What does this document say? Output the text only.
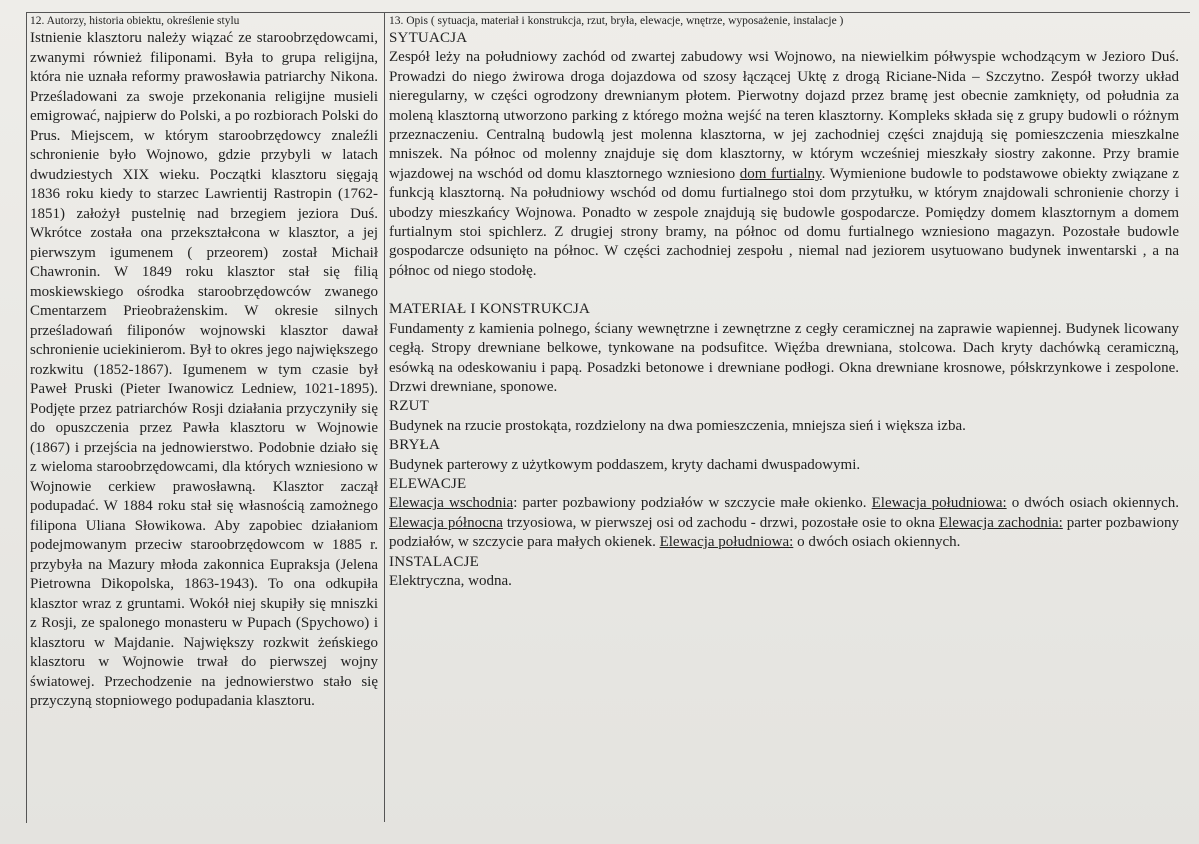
12. Autorzy, historia obiektu, określenie stylu

Istnienie klasztoru należy wiązać ze staroobrzędowcami, zwanymi również filiponami. Była to grupa religijna, która nie uznała reformy prawosławia patriarchy Nikona. Prześladowani za swoje przekonania religijne musieli emigrować, najpierw do Polski, a po rozbiorach Polski do Prus. Miejscem, w którym staroobrzędowcy znaleźli schronienie było Wojnowo, gdzie przybyli w latach dwudziestych XIX wieku. Początki klasztoru sięgają 1836 roku kiedy to starzec Lawrientij Rastropin (1762-1851) założył pustelnię nad brzegiem jeziora Duś. Wkrótce została ona przekształcona w klasztor, a jej pierwszym igumenem ( przeorem) został Michaił Chawronin. W 1849 roku klasztor stał się filią moskiewskiego ośrodka staroobrzędowców zwanego Cmentarzem Prieobrażenskim. W okresie silnych prześladowań filiponów wojnowski klasztor dawał schronienie uciekinierom. Był to okres jego największego rozkwitu (1852-1867). Igumenem w tym czasie był Paweł Pruski (Pieter Iwanowicz Ledniew, 1021-1895). Podjęte przez patriarchów Rosji działania przyczyniły się do opuszczenia przez Pawła klasztoru w Wojnowie (1867) i przejścia na jednowierstwo. Podobnie działo się z wieloma staroobrzędowcami, dla których wzniesiono w Wojnowie cerkiew prawosławną. Klasztor zaczął podupadać. W 1884 roku stał się własnością zamożnego filipona Uliana Słowikowa. Aby zapobiec działaniom podejmowanym przeciw staroobrzędowcom w 1885 r. przybyła na Mazury młoda zakonnica Eupraksja (Jelena Pietrowna Dikopolska, 1863-1943). To ona odkupiła klasztor wraz z gruntami. Wokół niej skupiły się mniszki z Rosji, ze spalonego monasteru w Pupach (Spychowo) i klasztoru w Majdanie. Największy rozkwit żeńskiego klasztoru w Wojnowie trwał do pierwszej wojny światowej. Przechodzenie na jednowierstwo stało się przyczyną stopniowego podupadania klasztoru.

13. Opis ( sytuacja, materiał i konstrukcja, rzut, bryła, elewacje, wnętrze, wyposażenie, instalacje )

SYTUACJA

Zespół leży na południowy zachód od zwartej zabudowy wsi Wojnowo, na niewielkim półwyspie wchodzącym w Jezioro Duś. Prowadzi do niego żwirowa droga dojazdowa od szosy łączącej Uktę z drogą Riciane-Nida – Szczytno. Zespół tworzy układ nieregularny, w części ogrodzony drewnianym płotem. Pierwotny dojazd przez bramę jest obecnie zamknięty, od południa za moleną klasztorną utworzono parking z którego można wejść na teren klasztorny. Kompleks składa się z grupy budowli o różnym przeznaczeniu. Centralną budowlą jest molenna klasztorna, w jej zachodniej części znajdują się pomieszczenia mieszkalne mniszek. Na północ od molenny znajduje się dom klasztorny, w którym wcześniej mieszkały siostry zakonne. Przy bramie wjazdowej na wschód od domu klasztornego wzniesiono dom furtialny. Wymienione budowle to podstawowe obiekty związane z funkcją klasztorną. Na południowy wschód od domu furtialnego stoi dom przytułku, w którym znajdowali schronienie chorzy i ubodzy mieszkańcy Wojnowa. Ponadto w zespole znajdują się budowle gospodarcze. Pomiędzy domem klasztornym a domem furtialnym stoi spichlerz. Z drugiej strony bramy, na północ od domu furtialnego wzniesiono magazyn. Pozostałe budowle gospodarcze odsunięto na północ. W części zachodniej zespołu , niemal nad jeziorem usytuowano budynek inwentarski , a na północ od niego stodołę.

MATERIAŁ I KONSTRUKCJA

Fundamenty z kamienia polnego, ściany wewnętrzne i zewnętrzne z cegły ceramicznej na zaprawie wapiennej. Budynek licowany cegłą. Stropy drewniane belkowe, tynkowane na podsufitce. Więźba drewniana, stolcowa. Dach kryty dachówką ceramiczną, esówką na odeskowaniu i papą. Posadzki betonowe i drewniane podłogi. Okna drewniane krosnowe, półskrzynkowe i zespolone. Drzwi drewniane, sponowe.

RZUT

Budynek na rzucie prostokąta, rozdzielony na dwa pomieszczenia, mniejsza sień i większa izba.

BRYŁA

Budynek parterowy z użytkowym poddaszem, kryty dachami dwuspadowymi.

ELEWACJE

Elewacja wschodnia: parter pozbawiony podziałów w szczycie małe okienko. Elewacja południowa: o dwóch osiach okiennych. Elewacja północna trzyosiowa, w pierwszej osi od zachodu - drzwi, pozostałe osie to okna Elewacja zachodnia: parter pozbawiony podziałów, w szczycie para małych okienek. Elewacja południowa: o dwóch osiach okiennych.

INSTALACJE

Elektryczna, wodna.
